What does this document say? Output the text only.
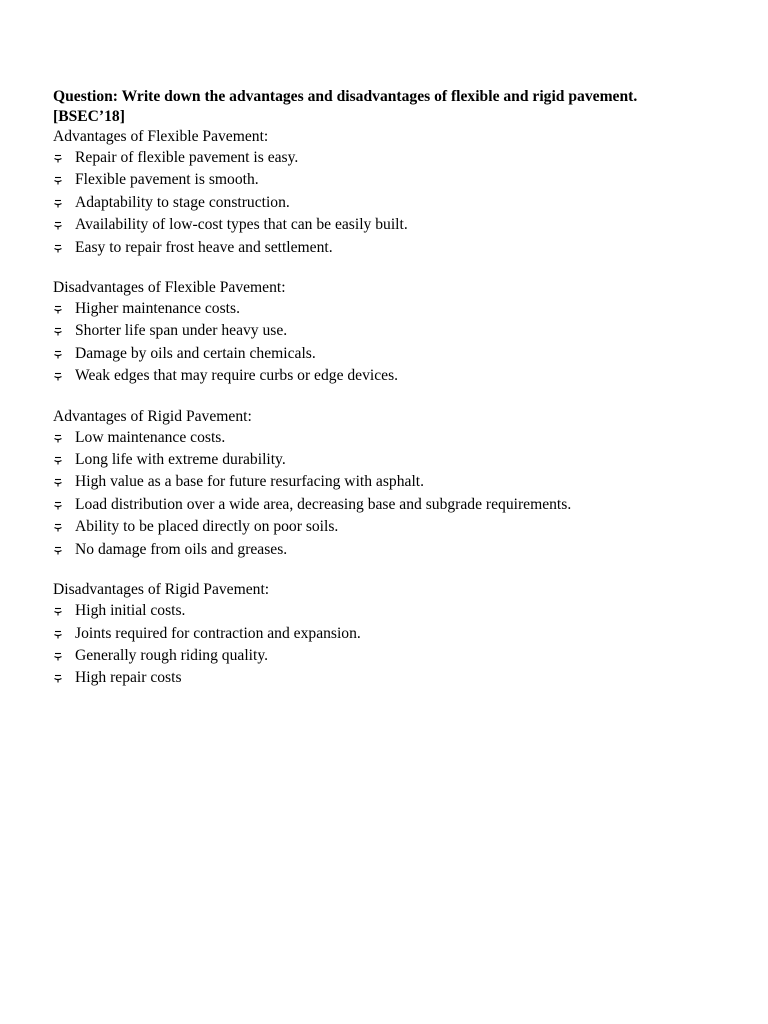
Question: Write down the advantages and disadvantages of flexible and rigid pavement.

[BSEC’18]

Advantages of Flexible Pavement:

Repair of flexible pavement is easy.
Flexible pavement is smooth.
Adaptability to stage construction.
Availability of low-cost types that can be easily built.
Easy to repair frost heave and settlement.

Disadvantages of Flexible Pavement:

Higher maintenance costs.
Shorter life span under heavy use.
Damage by oils and certain chemicals.
Weak edges that may require curbs or edge devices.

Advantages of Rigid Pavement:

Low maintenance costs.
Long life with extreme durability.
High value as a base for future resurfacing with asphalt.
Load distribution over a wide area, decreasing base and subgrade requirements.
Ability to be placed directly on poor soils.
No damage from oils and greases.

Disadvantages of Rigid Pavement:

High initial costs.
Joints required for contraction and expansion.
Generally rough riding quality.
High repair costs
